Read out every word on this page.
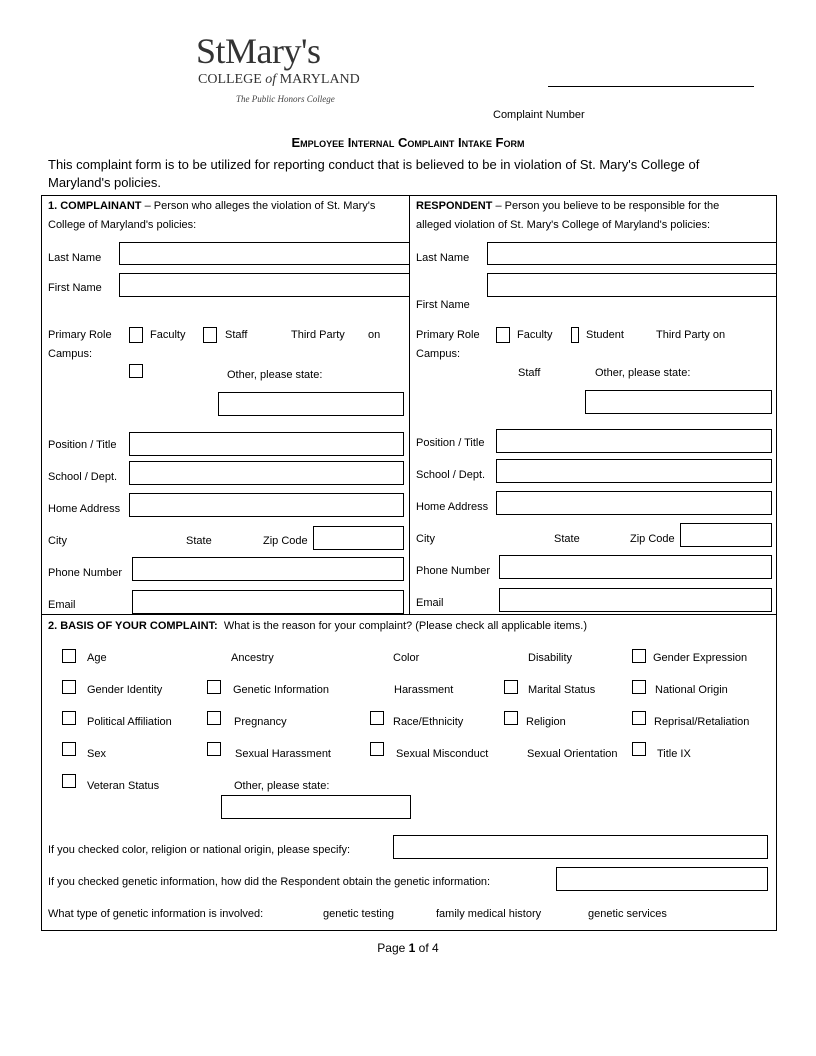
StMary's
COLLEGE of MARYLAND
The Public Honors College
Complaint Number
Employee Internal Complaint Intake Form
This complaint form is to be utilized for reporting conduct that is believed to be in violation of St. Mary's College of Maryland's policies.
1. COMPLAINANT – Person who alleges the violation of St. Mary's
College of Maryland's policies:
Last Name
First Name
Primary Role
Campus:
Faculty	Staff	Third Party on
Other, please state:
Position / Title
School / Dept.
Home Address
City	State	Zip Code
Phone Number
Email
RESPONDENT – Person you believe to be responsible for the
alleged violation of St. Mary's College of Maryland's policies:
Last Name
First Name
Primary Role
Campus:
Faculty	Student	Third Party on
Staff	Other, please state:
Position / Title
School / Dept.
Home Address
City	State	Zip Code
Phone Number
Email
2. BASIS OF YOUR COMPLAINT: What is the reason for your complaint? (Please check all applicable items.)
Age	Ancestry	Color	Disability	Gender Expression
Gender Identity	Genetic Information	Harassment	Marital Status	National Origin
Political Affiliation	Pregnancy	Race/Ethnicity	Religion	Reprisal/Retaliation
Sex	Sexual Harassment	Sexual Misconduct	Sexual Orientation	Title IX
Veteran Status	Other, please state:
If you checked color, religion or national origin, please specify:
If you checked genetic information, how did the Respondent obtain the genetic information:
What type of genetic information is involved:	genetic testing	family medical history	genetic services
Page 1 of 4
